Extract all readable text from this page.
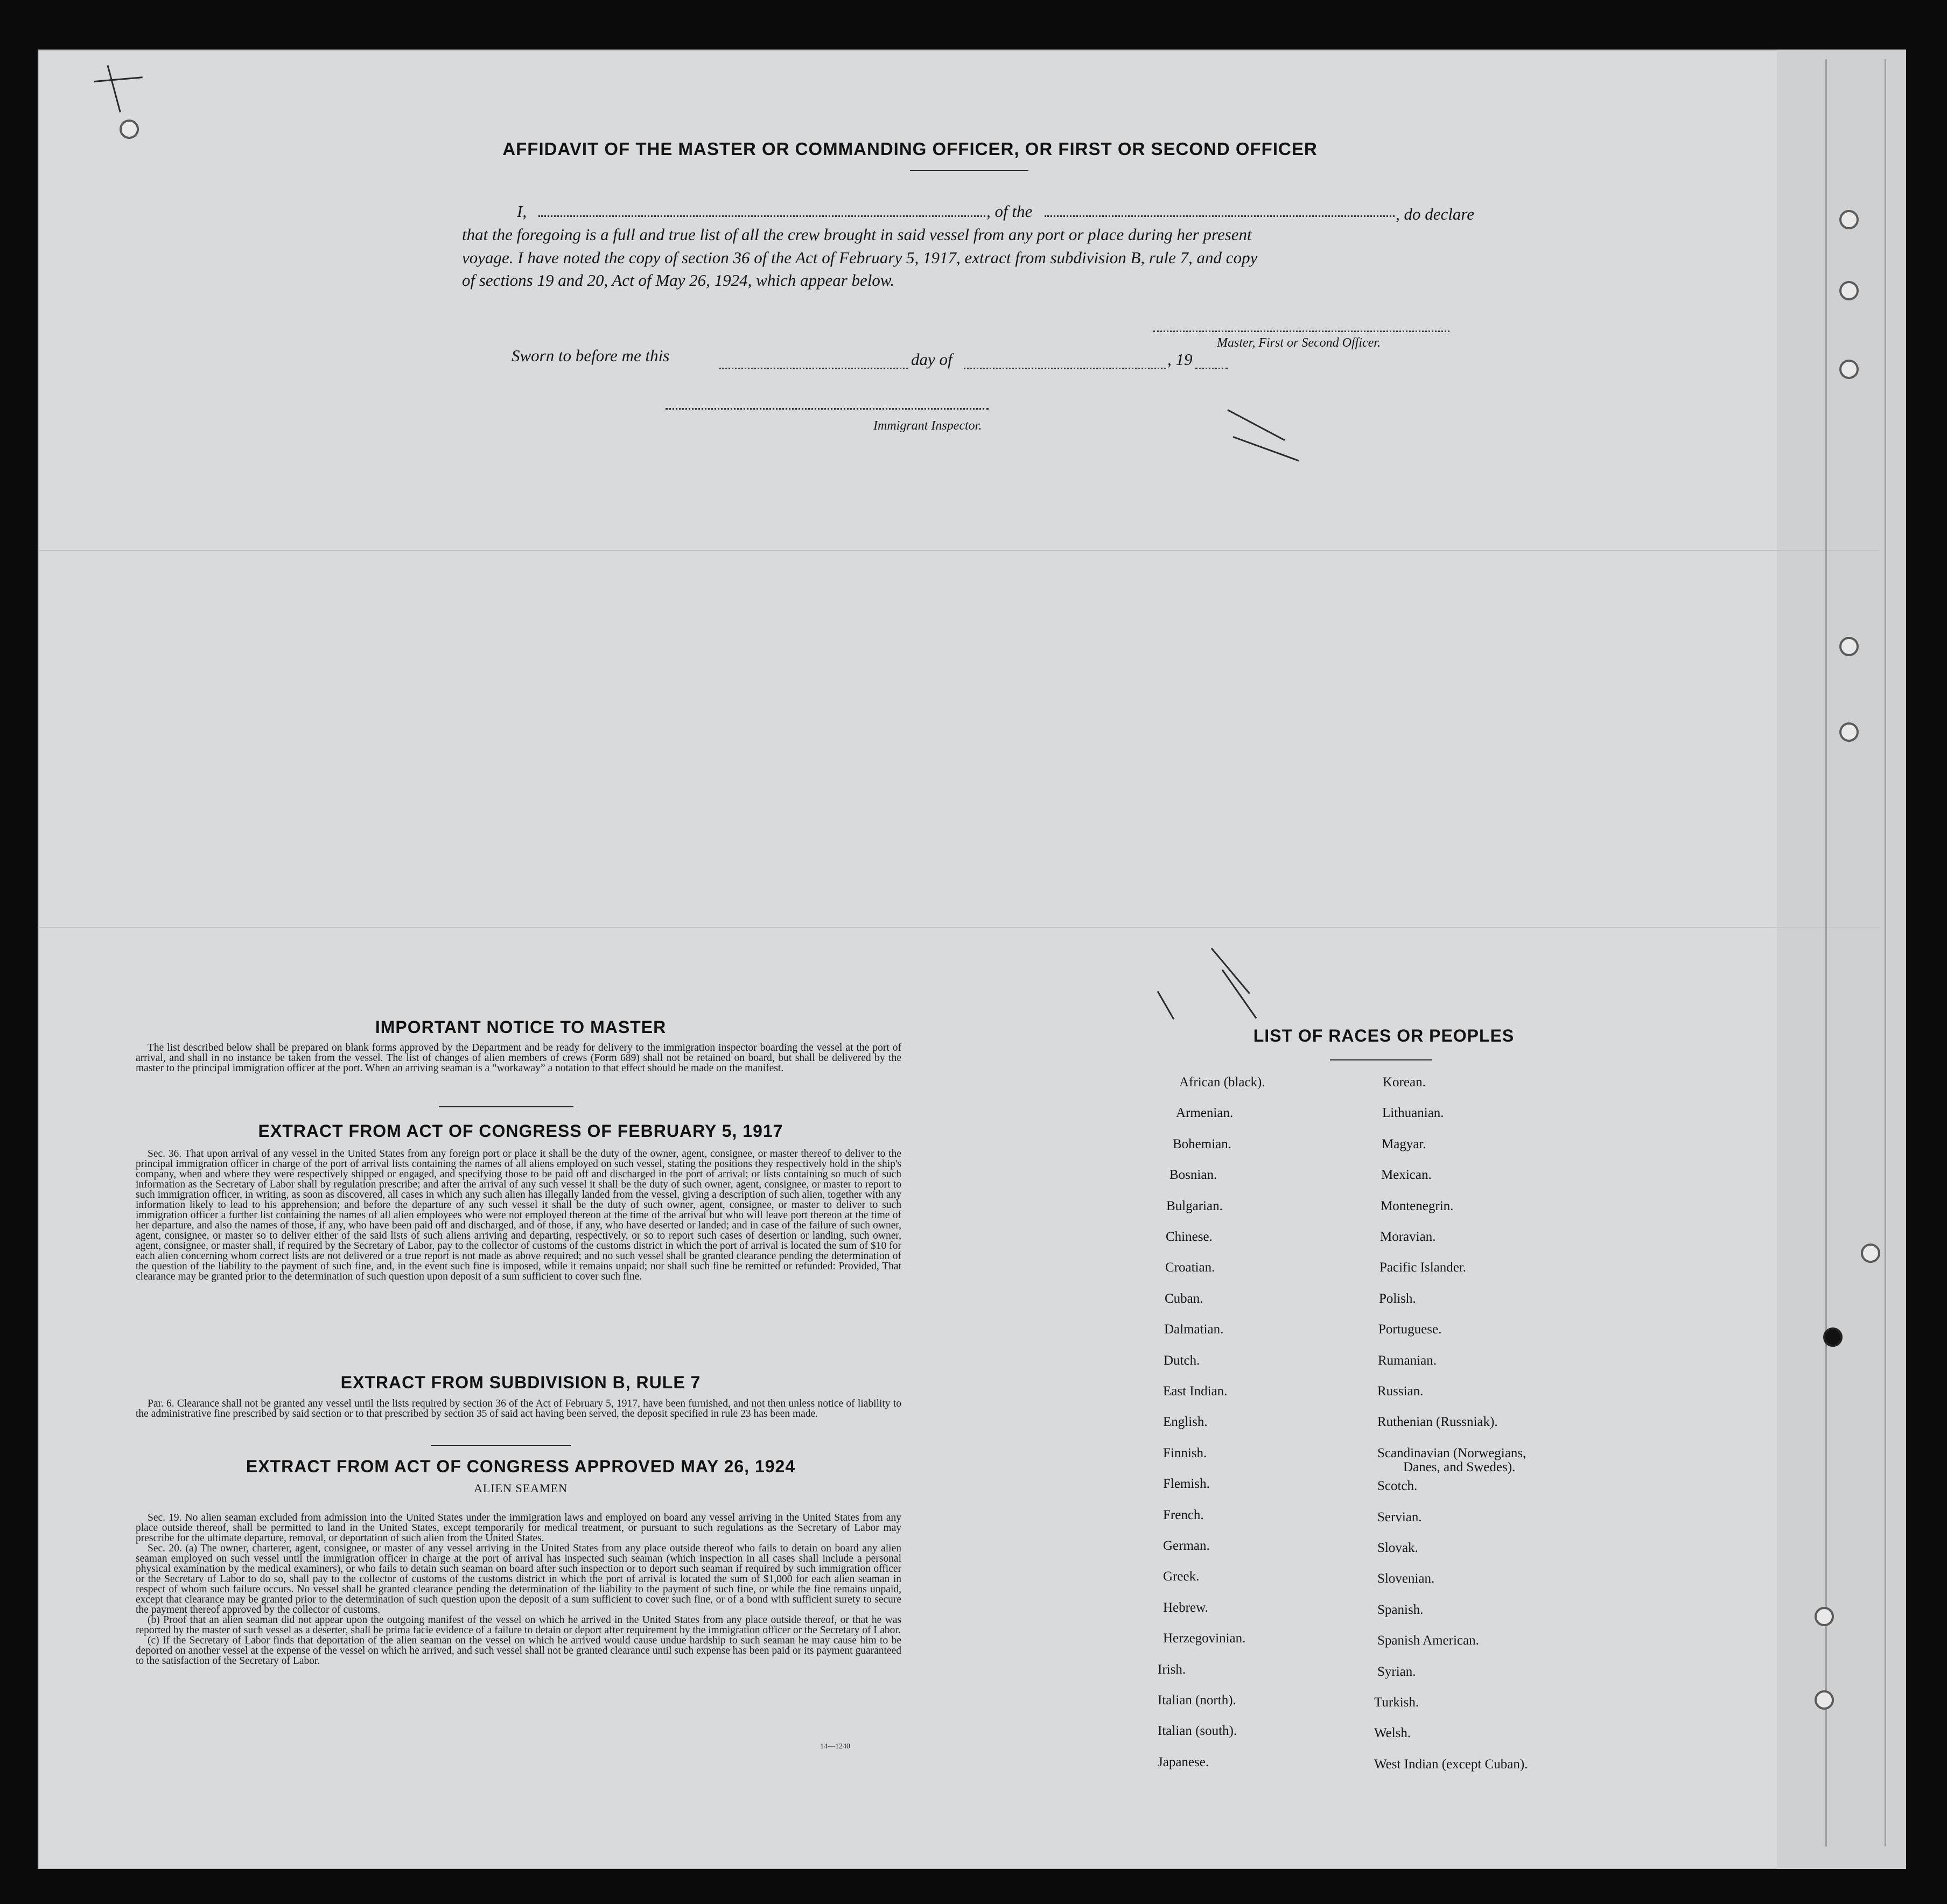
AFFIDAVIT OF THE MASTER OR COMMANDING OFFICER, OR FIRST OR SECOND OFFICER
I,	, of the	, do declare
that the foregoing is a full and true list of all the crew brought in said vessel from any port or place during her present
voyage. I have noted the copy of section 36 of the Act of February 5, 1917, extract from subdivision B, rule 7, and copy
of sections 19 and 20, Act of May 26, 1924, which appear below.
Master, First or Second Officer.
Sworn to before me this	day of	, 19
Immigrant Inspector.
IMPORTANT NOTICE TO MASTER

The list described below shall be prepared on blank forms approved by the Department and be ready for delivery to the immigration inspector boarding the vessel at the port of arrival, and shall in no instance be taken from the vessel. The list of changes of alien members of crews (Form 689) shall not be retained on board, but shall be delivered by the master to the principal immigration officer at the port. When an arriving seaman is a “workaway” a notation to that effect should be made on the manifest.

EXTRACT FROM ACT OF CONGRESS OF FEBRUARY 5, 1917

Sec. 36. That upon arrival of any vessel in the United States from any foreign port or place it shall be the duty of the owner, agent, consignee, or master thereof to deliver to the principal immigration officer in charge of the port of arrival lists containing the names of all aliens employed on such vessel, stating the positions they respectively hold in the ship's company, when and where they were respectively shipped or engaged, and specifying those to be paid off and discharged in the port of arrival; or lists containing so much of such information as the Secretary of Labor shall by regulation prescribe; and after the arrival of any such vessel it shall be the duty of such owner, agent, consignee, or master to report to such immigration officer, in writing, as soon as discovered, all cases in which any such alien has illegally landed from the vessel, giving a description of such alien, together with any information likely to lead to his apprehension; and before the departure of any such vessel it shall be the duty of such owner, agent, consignee, or master to deliver to such immigration officer a further list containing the names of all alien employees who were not employed thereon at the time of the arrival but who will leave port thereon at the time of her departure, and also the names of those, if any, who have been paid off and discharged, and of those, if any, who have deserted or landed; and in case of the failure of such owner, agent, consignee, or master so to deliver either of the said lists of such aliens arriving and departing, respectively, or so to report such cases of desertion or landing, such owner, agent, consignee, or master shall, if required by the Secretary of Labor, pay to the collector of customs of the customs district in which the port of arrival is located the sum of $10 for each alien concerning whom correct lists are not delivered or a true report is not made as above required; and no such vessel shall be granted clearance pending the determination of the question of the liability to the payment of such fine, and, in the event such fine is imposed, while it remains unpaid; nor shall such fine be remitted or refunded: Provided, That clearance may be granted prior to the determination of such question upon deposit of a sum sufficient to cover such fine.

EXTRACT FROM SUBDIVISION B, RULE 7

Par. 6. Clearance shall not be granted any vessel until the lists required by section 36 of the Act of February 5, 1917, have been furnished, and not then unless notice of liability to the administrative fine prescribed by said section or to that prescribed by section 35 of said act having been served, the deposit specified in rule 23 has been made.

EXTRACT FROM ACT OF CONGRESS APPROVED MAY 26, 1924
ALIEN SEAMEN

Sec. 19. No alien seaman excluded from admission into the United States under the immigration laws and employed on board any vessel arriving in the United States from any place outside thereof, shall be permitted to land in the United States, except temporarily for medical treatment, or pursuant to such regulations as the Secretary of Labor may prescribe for the ultimate departure, removal, or deportation of such alien from the United States.

Sec. 20. (a) The owner, charterer, agent, consignee, or master of any vessel arriving in the United States from any place outside thereof who fails to detain on board any alien seaman employed on such vessel until the immigration officer in charge at the port of arrival has inspected such seaman (which inspection in all cases shall include a personal physical examination by the medical examiners), or who fails to detain such seaman on board after such inspection or to deport such seaman if required by such immigration officer or the Secretary of Labor to do so, shall pay to the collector of customs of the customs district in which the port of arrival is located the sum of $1,000 for each alien seaman in respect of whom such failure occurs. No vessel shall be granted clearance pending the determination of the liability to the payment of such fine, or while the fine remains unpaid, except that clearance may be granted prior to the determination of such question upon the deposit of a sum sufficient to cover such fine, or of a bond with sufficient surety to secure the payment thereof approved by the collector of customs.

(b) Proof that an alien seaman did not appear upon the outgoing manifest of the vessel on which he arrived in the United States from any place outside thereof, or that he was reported by the master of such vessel as a deserter, shall be prima facie evidence of a failure to detain or deport after requirement by the immigration officer or the Secretary of Labor.

(c) If the Secretary of Labor finds that deportation of the alien seaman on the vessel on which he arrived would cause undue hardship to such seaman he may cause him to be deported on another vessel at the expense of the vessel on which he arrived, and such vessel shall not be granted clearance until such expense has been paid or its payment guaranteed to the satisfaction of the Secretary of Labor.

14—1240
LIST OF RACES OR PEOPLES
African (black).
Armenian.
Bohemian.
Bosnian.
Bulgarian.
Chinese.
Croatian.
Cuban.
Dalmatian.
Dutch.
East Indian.
English.
Finnish.
Flemish.
French.
German.
Greek.
Hebrew.
Herzegovinian.
Irish.
Italian (north).
Italian (south).
Japanese.
Korean.
Lithuanian.
Magyar.
Mexican.
Montenegrin.
Moravian.
Pacific Islander.
Polish.
Portuguese.
Rumanian.
Russian.
Ruthenian (Russniak).
Scandinavian (Norwegians,
Scotch.
Servian.
Slovak.
Slovenian.
Spanish.
Spanish American.
Syrian.
Turkish.
Welsh.
West Indian (except Cuban).
Danes, and Swedes).
